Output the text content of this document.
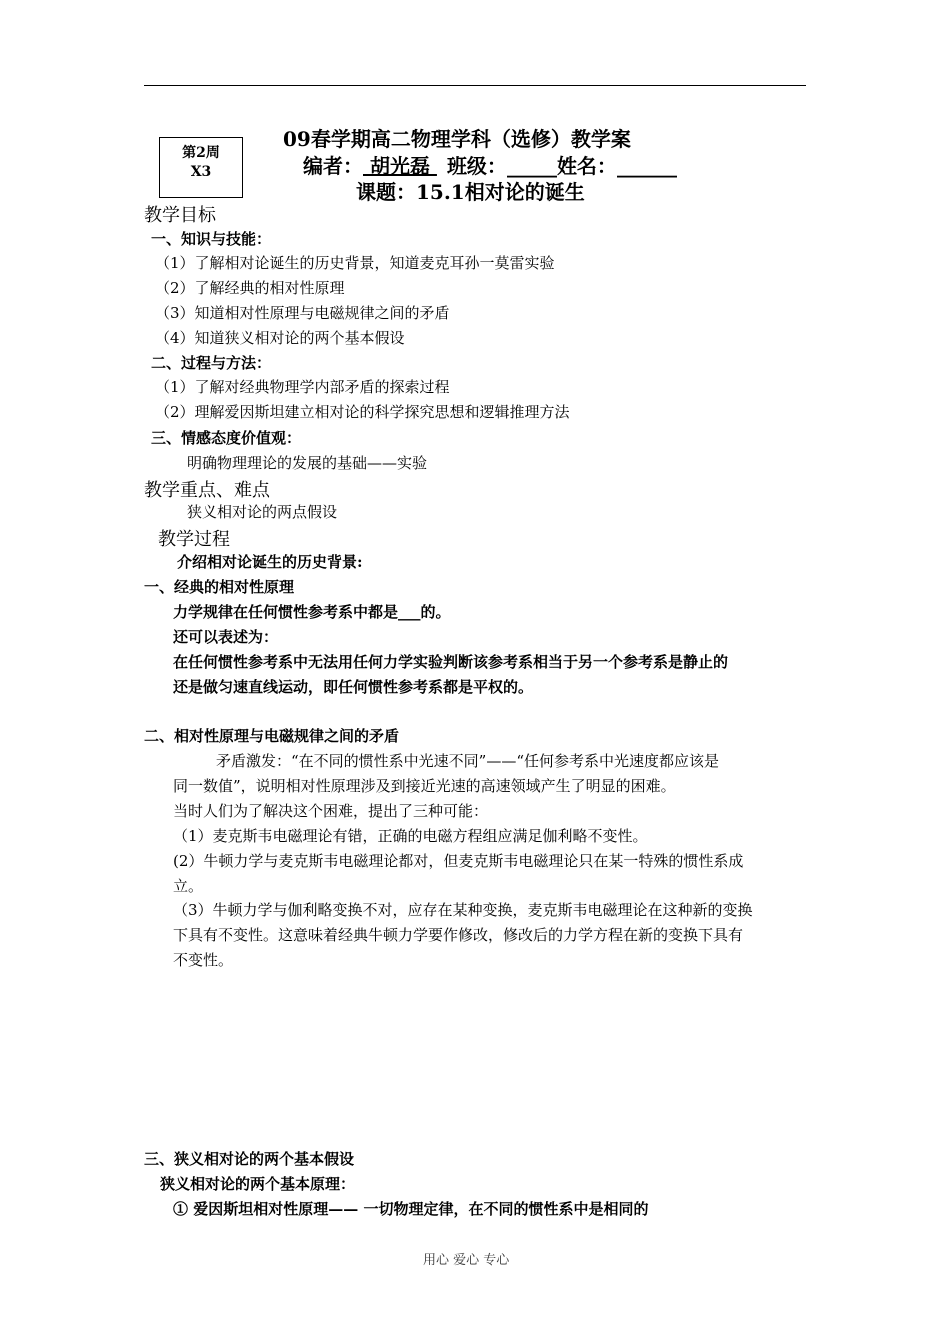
第2周
X3
09春学期高二物理学科（选修）教学案
编者： 胡光磊 班级：_____姓名：______
课题：15.1相对论的诞生
教学目标
一、知识与技能：
（1）了解相对论诞生的历史背景，知道麦克耳孙一莫雷实验
（2）了解经典的相对性原理
（3）知道相对性原理与电磁规律之间的矛盾
（4）知道狭义相对论的两个基本假设
二、过程与方法：
（1）了解对经典物理学内部矛盾的探索过程
（2）理解爱因斯坦建立相对论的科学探究思想和逻辑推理方法
三、情感态度价值观：
明确物理理论的发展的基础——实验
教学重点、难点
狭义相对论的两点假设
教学过程
介绍相对论诞生的历史背景:
一、经典的相对性原理
力学规律在任何惯性参考系中都是___的。
还可以表述为：
在任何惯性参考系中无法用任何力学实验判断该参考系相当于另一个参考系是静止的
还是做匀速直线运动，即任何惯性参考系都是平权的。
二、相对性原理与电磁规律之间的矛盾
矛盾激发：“在不同的惯性系中光速不同”——“任何参考系中光速度都应该是
同一数值”，说明相对性原理涉及到接近光速的高速领域产生了明显的困难。
当时人们为了解决这个困难，提出了三种可能：
（1）麦克斯韦电磁理论有错，正确的电磁方程组应满足伽利略不变性。
(2）牛顿力学与麦克斯韦电磁理论都对，但麦克斯韦电磁理论只在某一特殊的惯性系成
立。
（3）牛顿力学与伽利略变换不对，应存在某种变换，麦克斯韦电磁理论在这种新的变换
下具有不变性。这意味着经典牛顿力学要作修改，修改后的力学方程在新的变换下具有
不变性。
三、狭义相对论的两个基本假设
狭义相对论的两个基本原理：
① 爱因斯坦相对性原理—— 一切物理定律，在不同的惯性系中是相同的
用心 爱心 专心
